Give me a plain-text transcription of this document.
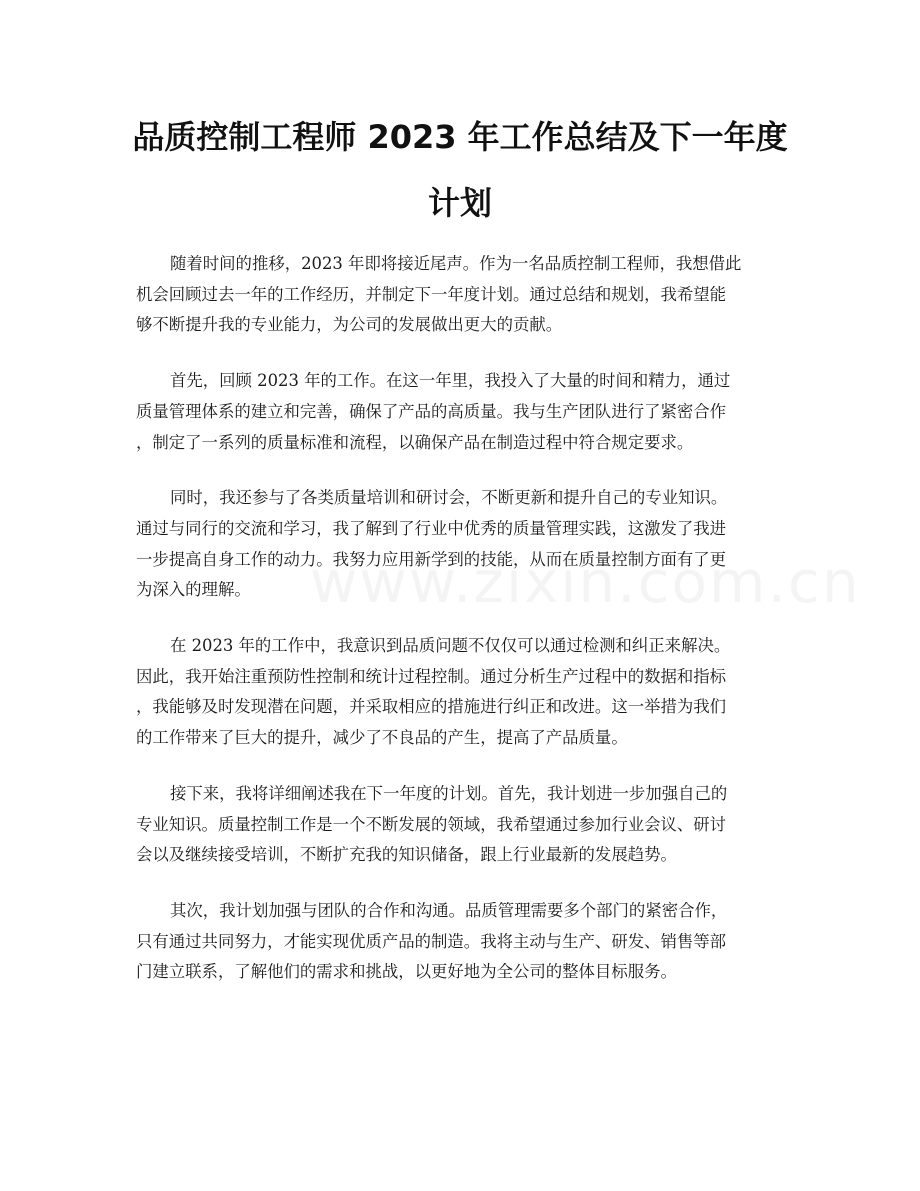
品质控制工程师 2023 年工作总结及下一年度
计划

随着时间的推移，2023 年即将接近尾声。作为一名品质控制工程师，我想借此
机会回顾过去一年的工作经历，并制定下一年度计划。通过总结和规划，我希望能
够不断提升我的专业能力，为公司的发展做出更大的贡献。

首先，回顾 2023 年的工作。在这一年里，我投入了大量的时间和精力，通过
质量管理体系的建立和完善，确保了产品的高质量。我与生产团队进行了紧密合作
，制定了一系列的质量标准和流程，以确保产品在制造过程中符合规定要求。

同时，我还参与了各类质量培训和研讨会，不断更新和提升自己的专业知识。
通过与同行的交流和学习，我了解到了行业中优秀的质量管理实践，这激发了我进
一步提高自身工作的动力。我努力应用新学到的技能，从而在质量控制方面有了更
为深入的理解。

在 2023 年的工作中，我意识到品质问题不仅仅可以通过检测和纠正来解决。
因此，我开始注重预防性控制和统计过程控制。通过分析生产过程中的数据和指标
，我能够及时发现潜在问题，并采取相应的措施进行纠正和改进。这一举措为我们
的工作带来了巨大的提升，减少了不良品的产生，提高了产品质量。

接下来，我将详细阐述我在下一年度的计划。首先，我计划进一步加强自己的
专业知识。质量控制工作是一个不断发展的领域，我希望通过参加行业会议、研讨
会以及继续接受培训，不断扩充我的知识储备，跟上行业最新的发展趋势。

其次，我计划加强与团队的合作和沟通。品质管理需要多个部门的紧密合作，
只有通过共同努力，才能实现优质产品的制造。我将主动与生产、研发、销售等部
门建立联系，了解他们的需求和挑战，以更好地为全公司的整体目标服务。
